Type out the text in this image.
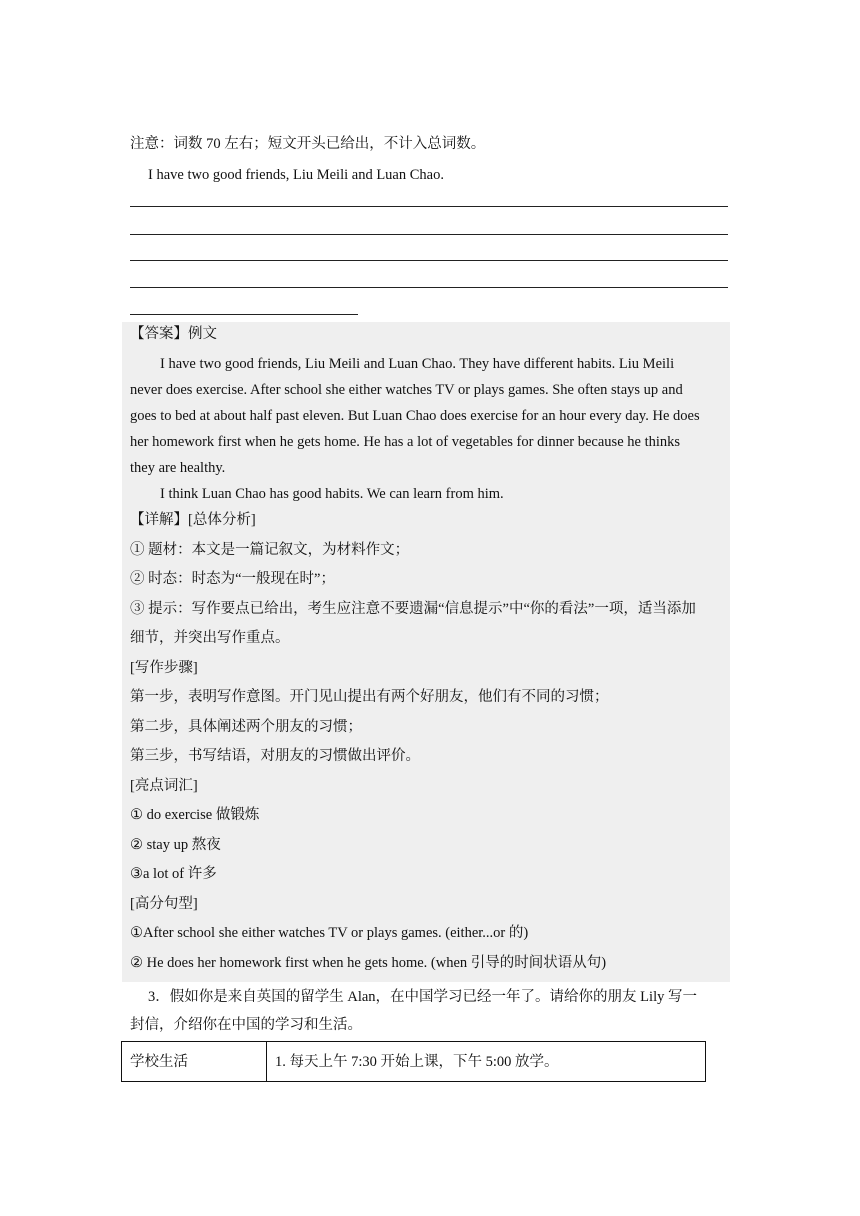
注意：词数 70 左右；短文开头已给出，不计入总词数。
I have two good friends, Liu Meili and Luan Chao.
【答案】例文
I have two good friends, Liu Meili and Luan Chao. They have different habits. Liu Meili
never does exercise. After school she either watches TV or plays games. She often stays up and
goes to bed at about half past eleven. But Luan Chao does exercise for an hour every day. He does
her homework first when he gets home. He has a lot of vegetables for dinner because he thinks
they are healthy.
I think Luan Chao has good habits. We can learn from him.
【详解】[总体分析]
① 题材：本文是一篇记叙文，为材料作文；
② 时态：时态为“一般现在时”；
③ 提示：写作要点已给出，考生应注意不要遗漏“信息提示”中“你的看法”一项，适当添加
细节，并突出写作重点。
[写作步骤]
第一步，表明写作意图。开门见山提出有两个好朋友，他们有不同的习惯；
第二步，具体阐述两个朋友的习惯；
第三步，书写结语，对朋友的习惯做出评价。
[亮点词汇]
① do exercise 做锻炼
② stay up 熬夜
③a lot of 许多
[高分句型]
①After school she either watches TV or plays games. (either...or 的)
② He does her homework first when he gets home. (when 引导的时间状语从句)
3．假如你是来自英国的留学生 Alan，在中国学习已经一年了。请给你的朋友 Lily 写一
封信，介绍你在中国的学习和生活。
学校生活	1. 每天上午 7:30 开始上课，下午 5:00 放学。
